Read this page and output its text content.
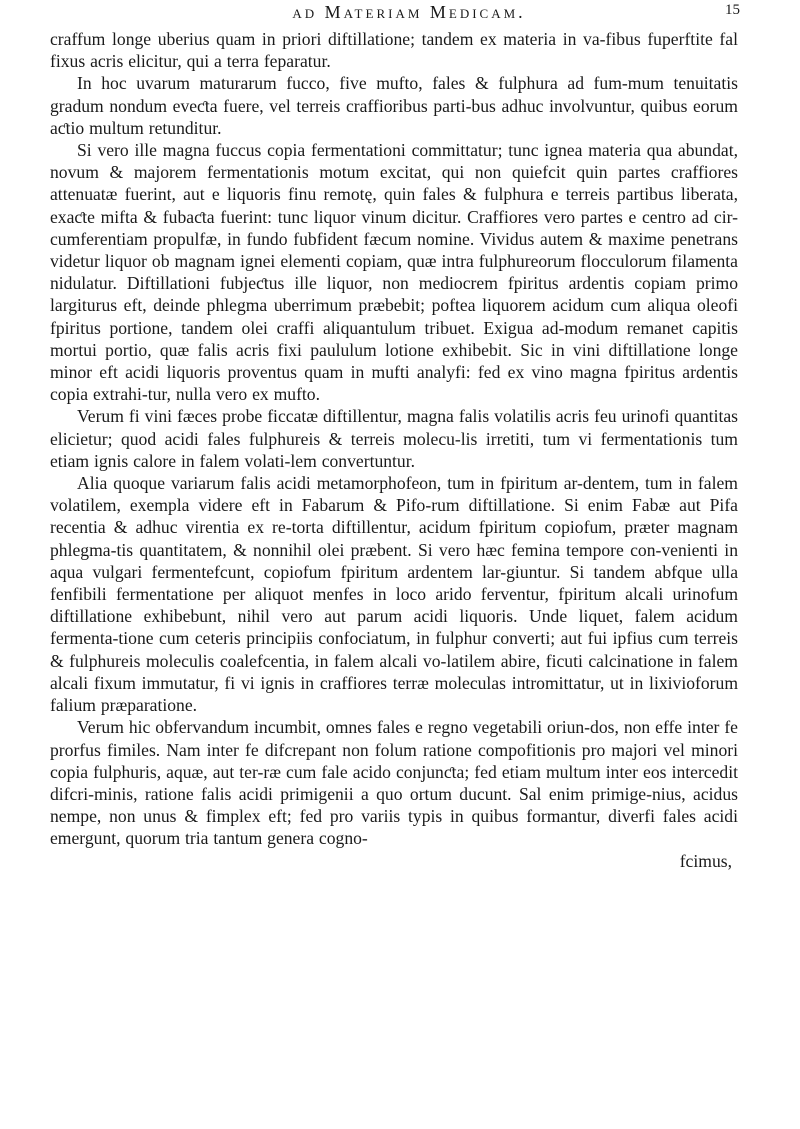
ad Materiam Medicam.	15

craffum longe uberius quam in priori diftillatione; tandem ex materia in va-fibus fuperftite fal fixus acris elicitur, qui a terra feparatur.

In hoc uvarum maturarum fucco, five mufto, fales & fulphura ad fum-mum tenuitatis gradum nondum eveƈta fuere, vel terreis craffioribus parti-bus adhuc involvuntur, quibus eorum aƈtio multum retunditur.

Si vero ille magna fuccus copia fermentationi committatur; tunc ignea materia qua abundat, novum & majorem fermentationis motum excitat, qui non quiefcit quin partes craffiores attenuatæ fuerint, aut e liquoris finu remotę, quin fales & fulphura e terreis partibus liberata, exaƈte mifta & fubaƈta fuerint: tunc liquor vinum dicitur. Craffiores vero partes e centro ad cir-cumferentiam propulfæ, in fundo fubfident fæcum nomine. Vividus autem & maxime penetrans videtur liquor ob magnam ignei elementi copiam, quæ intra fulphureorum flocculorum filamenta nidulatur. Diftillationi fubjeƈtus ille liquor, non mediocrem fpiritus ardentis copiam primo largiturus eft, deinde phlegma uberrimum præbebit; poftea liquorem acidum cum aliqua oleofi fpiritus portione, tandem olei craffi aliquantulum tribuet. Exigua ad-modum remanet capitis mortui portio, quæ falis acris fixi paululum lotione exhibebit. Sic in vini diftillatione longe minor eft acidi liquoris proventus quam in mufti analyfi: fed ex vino magna fpiritus ardentis copia extrahi-tur, nulla vero ex mufto.

Verum fi vini fæces probe ficcatæ diftillentur, magna falis volatilis acris feu urinofi quantitas elicietur; quod acidi fales fulphureis & terreis molecu-lis irretiti, tum vi fermentationis tum etiam ignis calore in falem volati-lem convertuntur.

Alia quoque variarum falis acidi metamorphofeon, tum in fpiritum ar-dentem, tum in falem volatilem, exempla videre eft in Fabarum & Pifo-rum diftillatione. Si enim Fabæ aut Pifa recentia & adhuc virentia ex re-torta diftillentur, acidum fpiritum copiofum, præter magnam phlegma-tis quantitatem, & nonnihil olei præbent. Si vero hæc femina tempore con-venienti in aqua vulgari fermentefcunt, copiofum fpiritum ardentem lar-giuntur. Si tandem abfque ulla fenfibili fermentatione per aliquot menfes in loco arido ferventur, fpiritum alcali urinofum diftillatione exhibebunt, nihil vero aut parum acidi liquoris. Unde liquet, falem acidum fermenta-tione cum ceteris principiis confociatum, in fulphur converti; aut fui ipfius cum terreis & fulphureis moleculis coalefcentia, in falem alcali vo-latilem abire, ficuti calcinatione in falem alcali fixum immutatur, fi vi ignis in craffiores terræ moleculas intromittatur, ut in lixivioforum falium præparatione.

Verum hic obfervandum incumbit, omnes fales e regno vegetabili oriun-dos, non effe inter fe prorfus fimiles. Nam inter fe difcrepant non folum ratione compofitionis pro majori vel minori copia fulphuris, aquæ, aut ter-ræ cum fale acido conjunƈta; fed etiam multum inter eos intercedit difcri-minis, ratione falis acidi primigenii a quo ortum ducunt. Sal enim primige-nius, acidus nempe, non unus & fimplex eft; fed pro variis typis in quibus formantur, diverfi fales acidi emergunt, quorum tria tantum genera cogno-

fcimus,
